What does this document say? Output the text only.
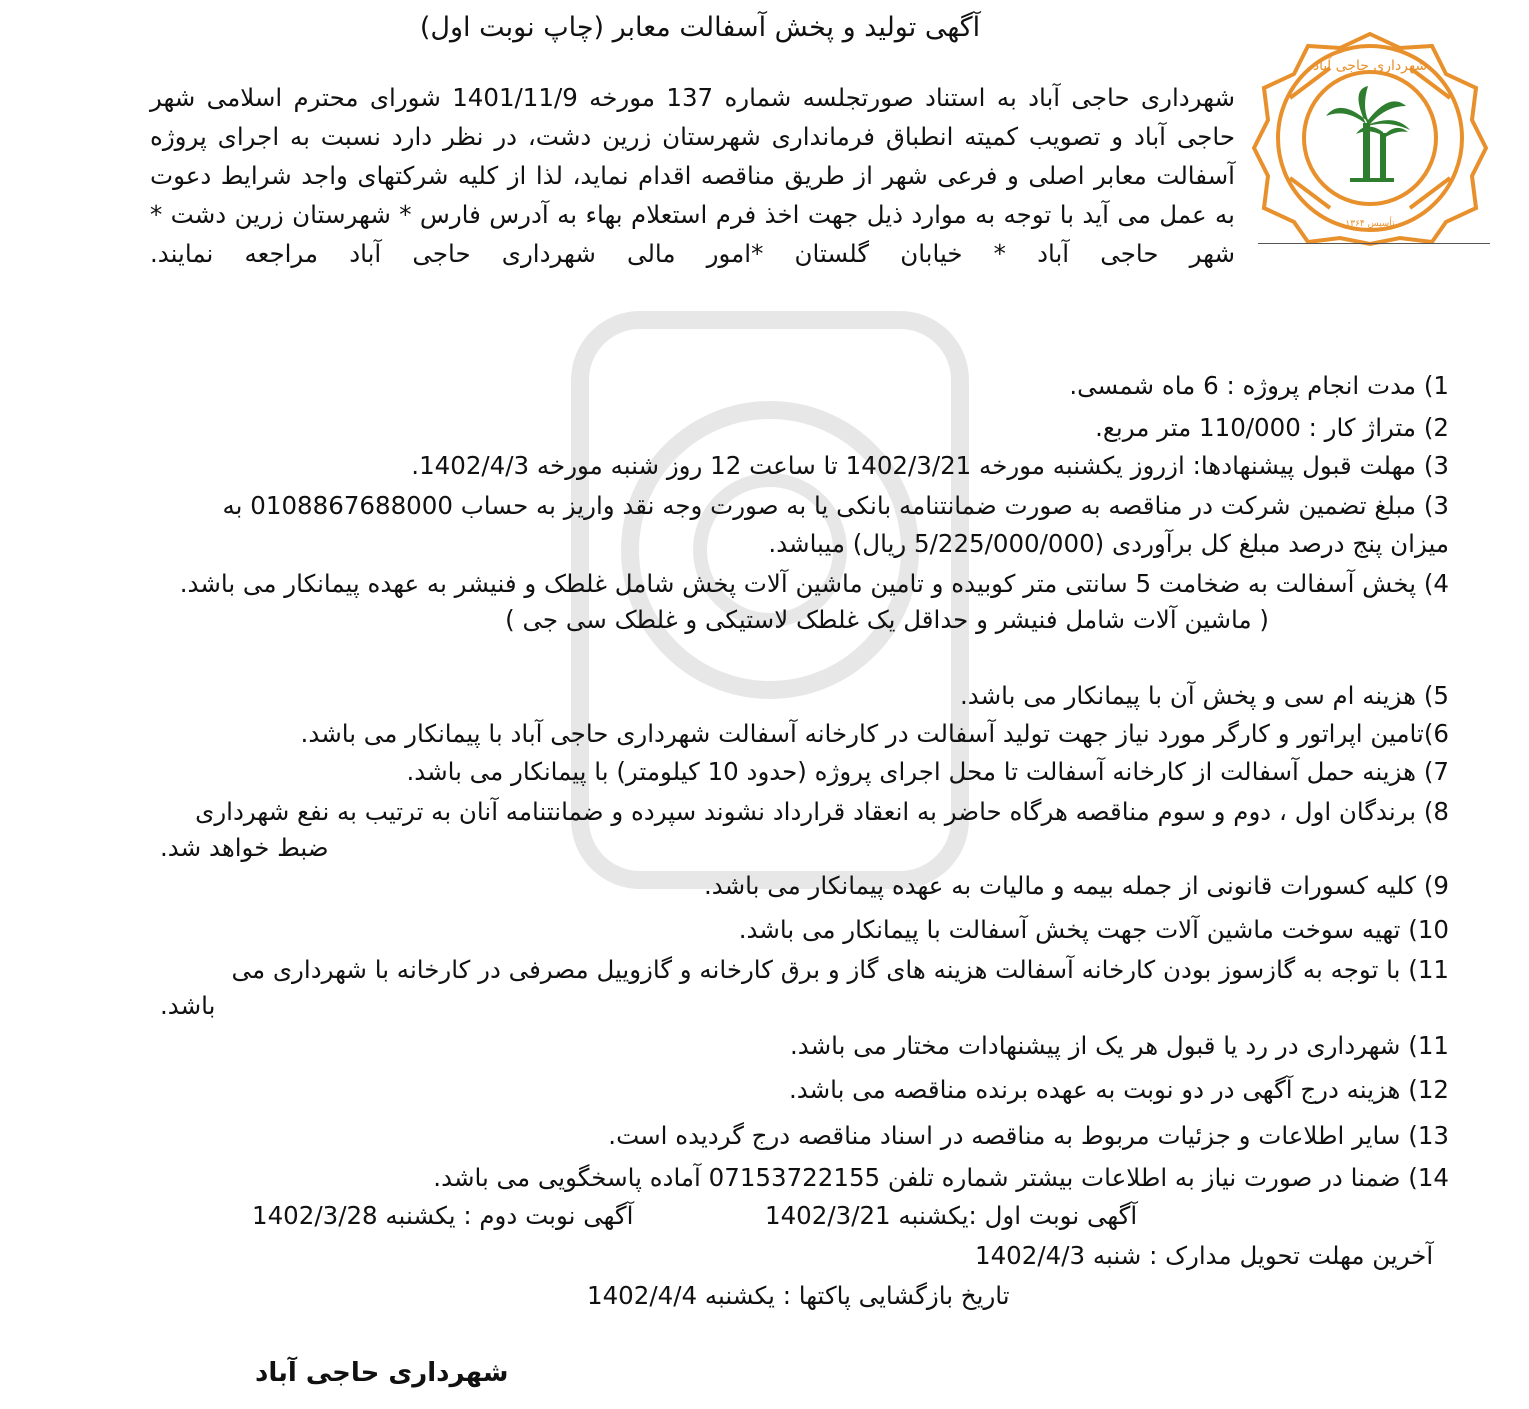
آگهی تولید و پخش آسفالت معابر (چاپ نوبت اول)
شهرداری حاجی آباد به استناد صورتجلسه شماره 137 مورخه 1401/11/9 شورای محترم اسلامی شهر
حاجی آباد و تصویب کمیته انطباق فرمانداری شهرستان زرین دشت، در نظر دارد نسبت به اجرای پروژه
آسفالت معابر اصلی و فرعی شهر از طریق مناقصه اقدام نماید، لذا از کلیه شرکتهای واجد شرایط دعوت
به عمل می آید با توجه به موارد ذیل جهت اخذ فرم استعلام بهاء به آدرس فارس * شهرستان زرین دشت *
شهر حاجی آباد * خیابان گلستان *امور مالی شهرداری حاجی آباد مراجعه نمایند.
تأسیس ۱۳۶۴
شهرداری حاجی آباد
1) مدت انجام پروژه : 6 ماه شمسی.
2) متراژ کار : 110/000 متر مربع.
3) مهلت قبول پیشنهادها: ازروز یکشنبه مورخه 1402/3/21 تا ساعت 12 روز شنبه مورخه 1402/4/3.
3) مبلغ تضمین شرکت در مناقصه به صورت ضمانتنامه بانکی یا به صورت وجه نقد واریز به حساب 0108867688000 به
میزان پنج درصد مبلغ کل برآوردی (5/225/000/000 ریال) میباشد.
4) پخش آسفالت به ضخامت 5 سانتی متر کوبیده و تامین ماشین آلات پخش شامل غلطک و فنیشر به عهده پیمانکار می باشد.
( ماشین آلات شامل فنیشر و حداقل یک غلطک لاستیکی و غلطک سی جی )
5) هزینه ام سی و پخش آن با پیمانکار می باشد.
6)تامین اپراتور و کارگر مورد نیاز جهت تولید آسفالت در کارخانه آسفالت شهرداری حاجی آباد با پیمانکار می باشد.
7) هزینه حمل آسفالت از کارخانه آسفالت تا محل اجرای پروژه (حدود 10 کیلومتر) با پیمانکار می باشد.
8) برندگان اول ، دوم و سوم مناقصه هرگاه حاضر به انعقاد قرارداد نشوند سپرده و ضمانتنامه آنان به ترتیب به نفع شهرداری
ضبط خواهد شد.
9) کلیه کسورات قانونی از جمله بیمه و مالیات به عهده پیمانکار می باشد.
10) تهیه سوخت ماشین آلات جهت پخش آسفالت با پیمانکار می باشد.
11) با توجه به گازسوز بودن کارخانه آسفالت هزینه های گاز و برق کارخانه و گازوییل مصرفی در کارخانه با شهرداری می
باشد.
11) شهرداری در رد یا قبول هر یک از پیشنهادات مختار می باشد.
12) هزینه درج آگهی در دو نوبت به عهده برنده مناقصه می باشد.
13) سایر اطلاعات و جزئیات مربوط به مناقصه در اسناد مناقصه درج گردیده است.
14) ضمنا در صورت نیاز به اطلاعات بیشتر شماره تلفن 07153722155 آماده پاسخگویی می باشد.
آگهی نوبت اول :یکشنبه 1402/3/21
آگهی نوبت دوم : یکشنبه 1402/3/28
آخرین مهلت تحویل مدارک : شنبه 1402/4/3
تاریخ بازگشایی پاکتها : یکشنبه 1402/4/4
شهرداری حاجی آباد
